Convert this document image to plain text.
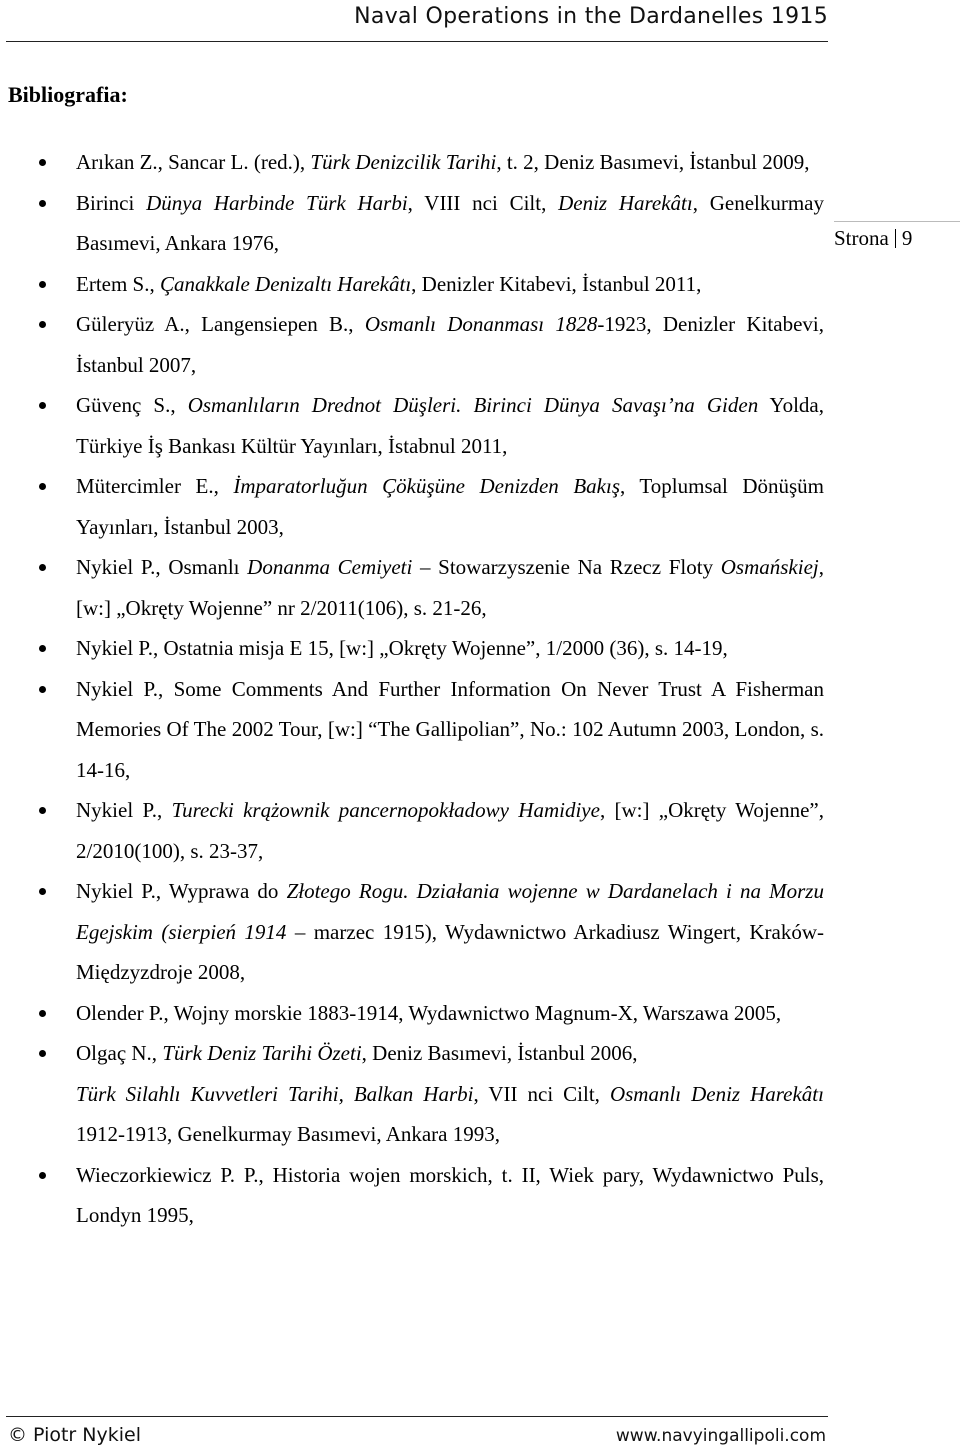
Naval Operations in the Dardanelles 1915
Bibliografia:
Strona 9
Arıkan Z., Sancar L. (red.), Türk Denizcilik Tarihi, t. 2, Deniz Basımevi, İstanbul 2009,
Birinci Dünya Harbinde Türk Harbi, VIII nci Cilt, Deniz Harekâtı, Genelkurmay Basımevi, Ankara 1976,
Ertem S., Çanakkale Denizaltı Harekâtı, Denizler Kitabevi, İstanbul 2011,
Güleryüz A., Langensiepen B., Osmanlı Donanması 1828-1923, Denizler Kitabevi, İstanbul 2007,
Güvenç S., Osmanlıların Drednot Düşleri. Birinci Dünya Savaşı’na Giden Yolda, Türkiye İş Bankası Kültür Yayınları, İstabnul 2011,
Mütercimler E., İmparatorluğun Çöküşüne Denizden Bakış, Toplumsal Dönüşüm Yayınları, İstanbul 2003,
Nykiel P., Osmanlı Donanma Cemiyeti – Stowarzyszenie Na Rzecz Floty Osmańskiej, [w:] „Okręty Wojenne” nr 2/2011(106), s. 21-26,
Nykiel P., Ostatnia misja E 15, [w:] „Okręty Wojenne”, 1/2000 (36), s. 14-19,
Nykiel P., Some Comments And Further Information On Never Trust A Fisherman Memories Of The 2002 Tour, [w:] “The Gallipolian”, No.: 102 Autumn 2003, London, s. 14-16,
Nykiel P., Turecki krążownik pancernopokładowy Hamidiye, [w:] „Okręty Wojenne”, 2/2010(100), s. 23-37,
Nykiel P., Wyprawa do Złotego Rogu. Działania wojenne w Dardanelach i na Morzu Egejskim (sierpień 1914 – marzec 1915), Wydawnictwo Arkadiusz Wingert, Kraków-Międzyzdroje 2008,
Olender P., Wojny morskie 1883-1914, Wydawnictwo Magnum-X, Warszawa 2005,
Olgaç N., Türk Deniz Tarihi Özeti, Deniz Basımevi, İstanbul 2006,
Türk Silahlı Kuvvetleri Tarihi, Balkan Harbi, VII nci Cilt, Osmanlı Deniz Harekâtı 1912-1913, Genelkurmay Basımevi, Ankara 1993,
Wieczorkiewicz P. P., Historia wojen morskich, t. II, Wiek pary, Wydawnictwo Puls, Londyn 1995,
© Piotr Nykiel	www.navyingallipoli.com
